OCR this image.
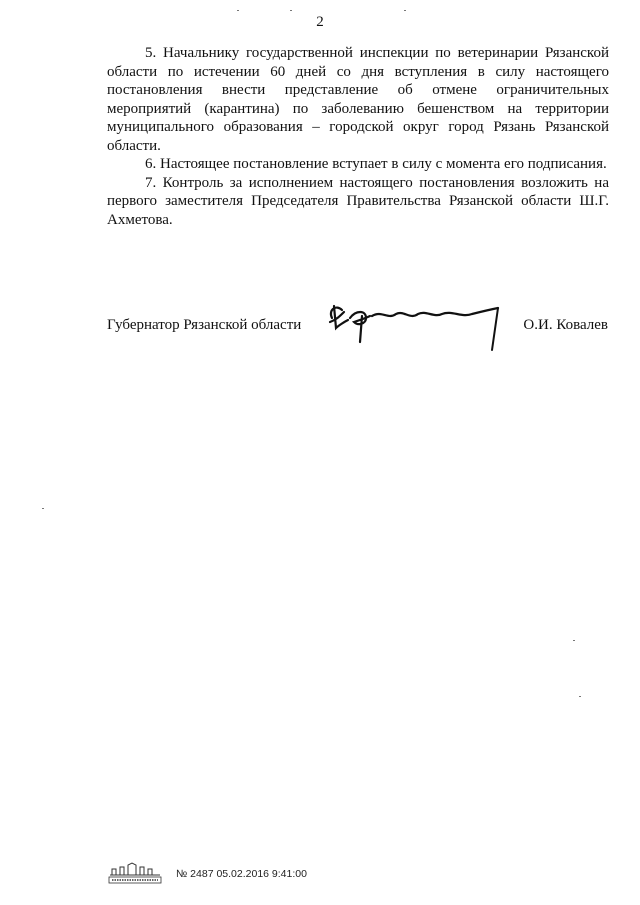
2

5. Начальнику государственной инспекции по ветеринарии Рязанской области по истечении 60 дней со дня вступления в силу настоящего постановления внести представление об отмене ограничительных мероприятий (карантина) по заболеванию бешенством на территории муниципального образования – городской округ город Рязань Рязанской области.

6. Настоящее постановление вступает в силу с момента его подписания.

7. Контроль за исполнением настоящего постановления возложить на первого заместителя Председателя Правительства Рязанской области Ш.Г. Ахметова.

Губернатор Рязанской области	О.И. Ковалев
№ 2487 05.02.2016 9:41:00
